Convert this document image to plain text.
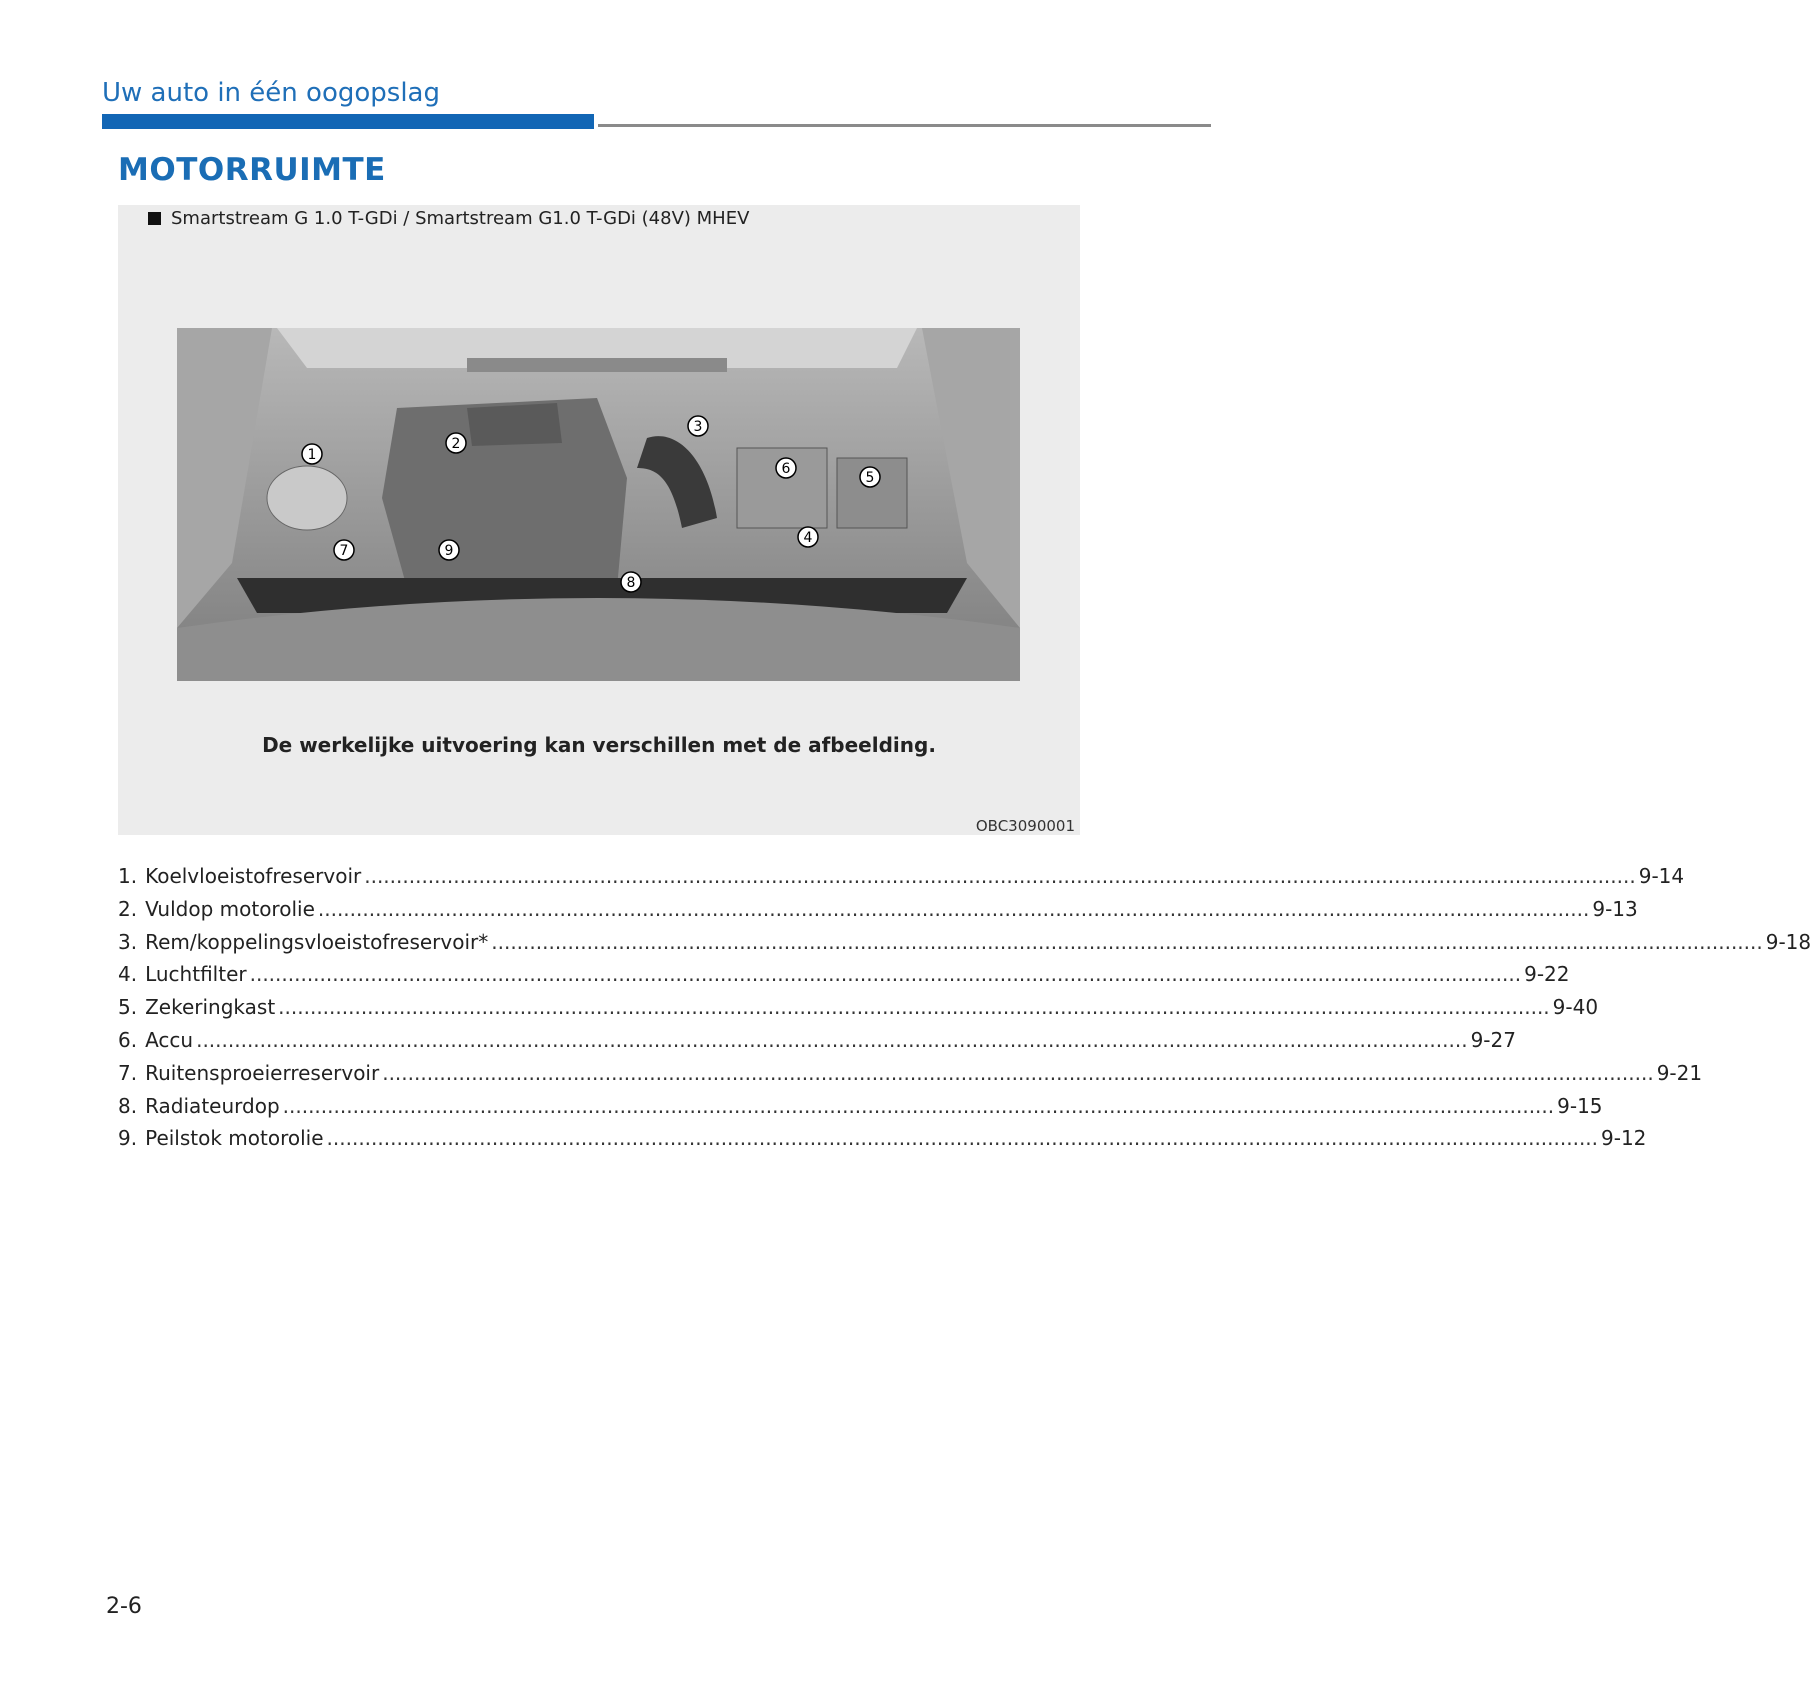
Uw auto in één oogopslag
MOTORRUIMTE
Smartstream G 1.0 T-GDi / Smartstream G1.0 T-GDi (48V) MHEV
1
2
3
4
5
6
7
8
9
De werkelijke uitvoering kan verschillen met de afbeelding.
OBC3090001
1. Koelvloeistofreservoir ........................................................................................................................................................................................................ 9-14
2. Vuldop motorolie ........................................................................................................................................................................................................ 9-13
3. Rem/koppelingsvloeistofreservoir* ........................................................................................................................................................................................................ 9-18
4. Luchtfilter ........................................................................................................................................................................................................ 9-22
5. Zekeringkast ........................................................................................................................................................................................................ 9-40
6. Accu ........................................................................................................................................................................................................ 9-27
7. Ruitensproeierreservoir ........................................................................................................................................................................................................ 9-21
8. Radiateurdop ........................................................................................................................................................................................................ 9-15
9. Peilstok motorolie ........................................................................................................................................................................................................ 9-12
2-6
